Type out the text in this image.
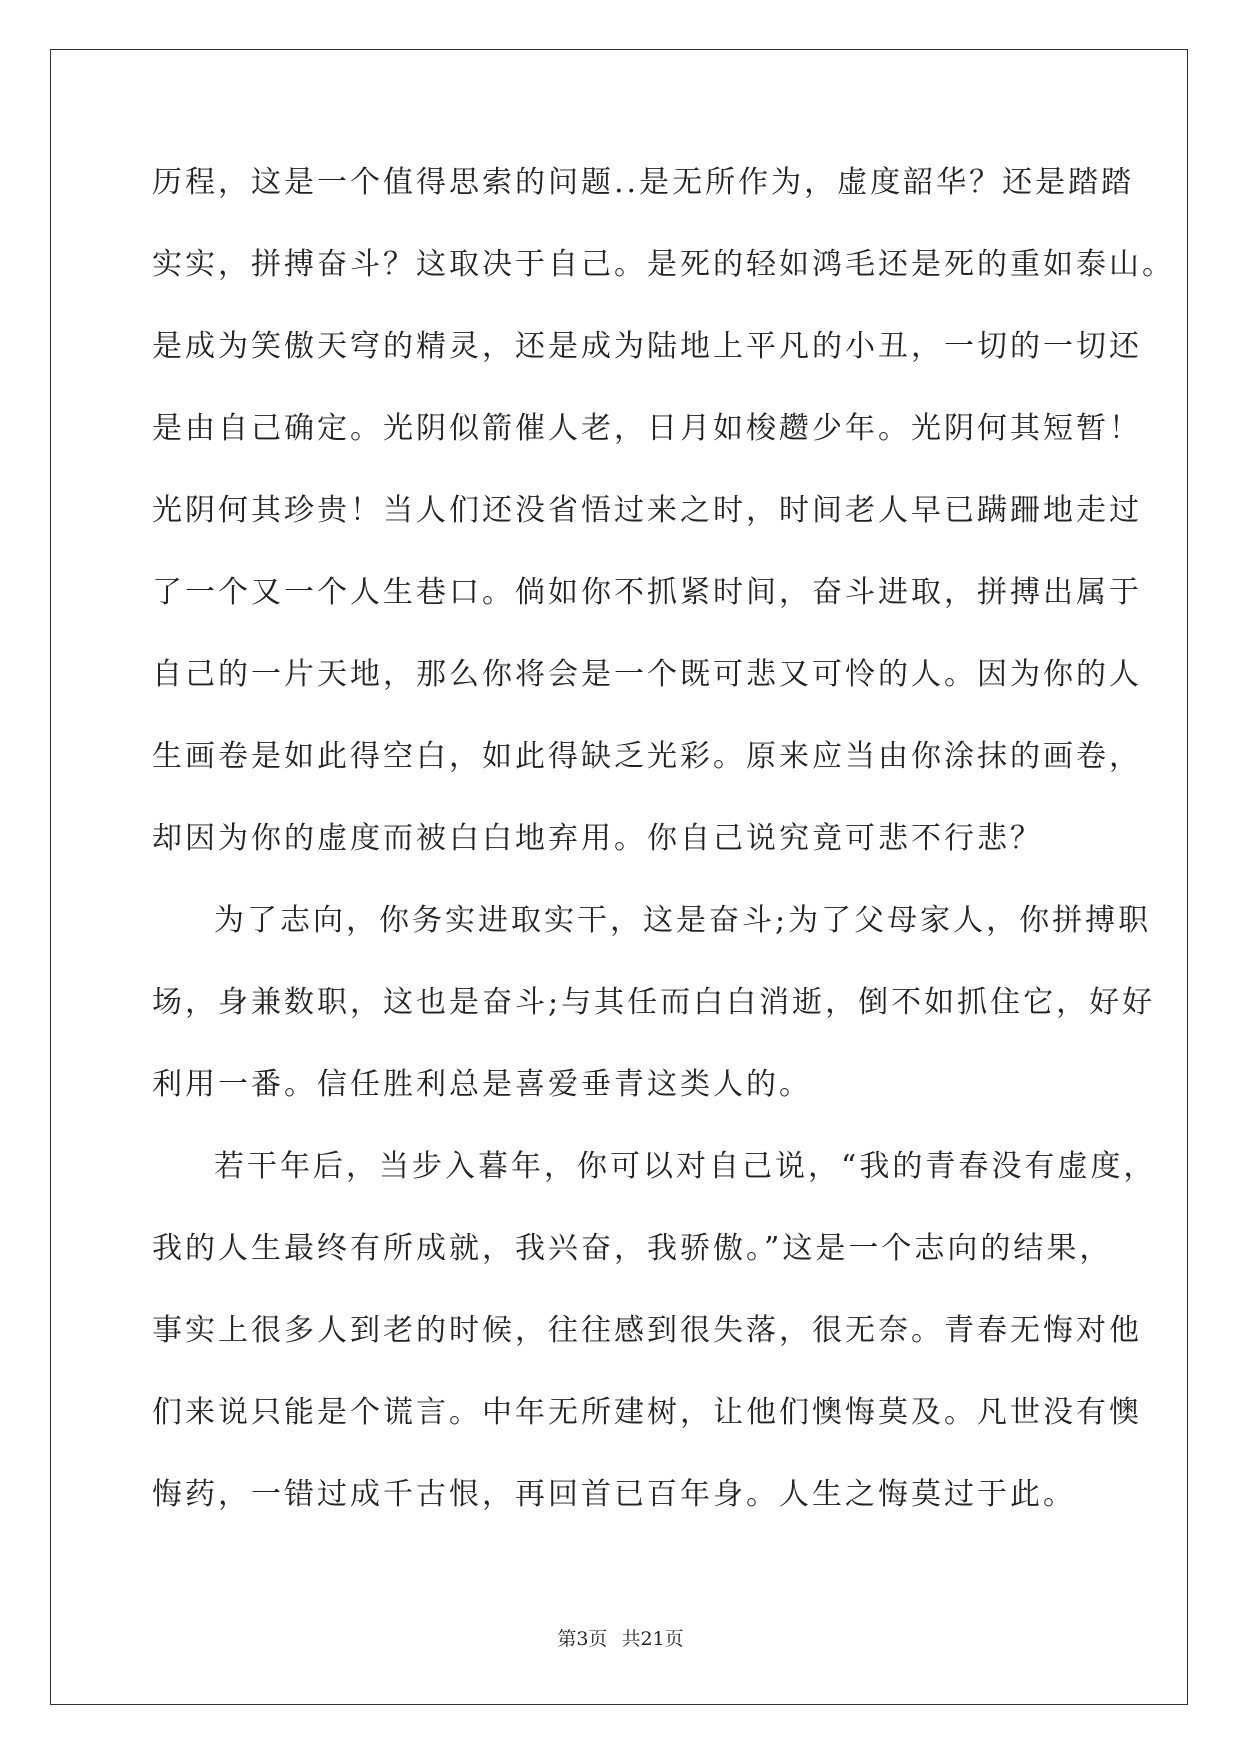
历程，这是一个值得思索的问题..是无所作为，虚度韶华？还是踏踏
实实，拼搏奋斗？这取决于自己。是死的轻如鸿毛还是死的重如泰山。
是成为笑傲天穹的精灵，还是成为陆地上平凡的小丑，一切的一切还
是由自己确定。光阴似箭催人老，日月如梭趱少年。光阴何其短暂！
光阴何其珍贵！当人们还没省悟过来之时，时间老人早已蹒跚地走过
了一个又一个人生巷口。倘如你不抓紧时间，奋斗进取，拼搏出属于
自己的一片天地，那么你将会是一个既可悲又可怜的人。因为你的人
生画卷是如此得空白，如此得缺乏光彩。原来应当由你涂抹的画卷，
却因为你的虚度而被白白地弃用。你自己说究竟可悲不行悲？
为了志向，你务实进取实干，这是奋斗;为了父母家人，你拼搏职
场，身兼数职，这也是奋斗;与其任而白白消逝，倒不如抓住它，好好
利用一番。信任胜利总是喜爱垂青这类人的。
若干年后，当步入暮年，你可以对自己说，“我的青春没有虚度，
我的人生最终有所成就，我兴奋，我骄傲。”这是一个志向的结果，
事实上很多人到老的时候，往往感到很失落，很无奈。青春无悔对他
们来说只能是个谎言。中年无所建树，让他们懊悔莫及。凡世没有懊
悔药，一错过成千古恨，再回首已百年身。人生之悔莫过于此。
第3页 共21页
